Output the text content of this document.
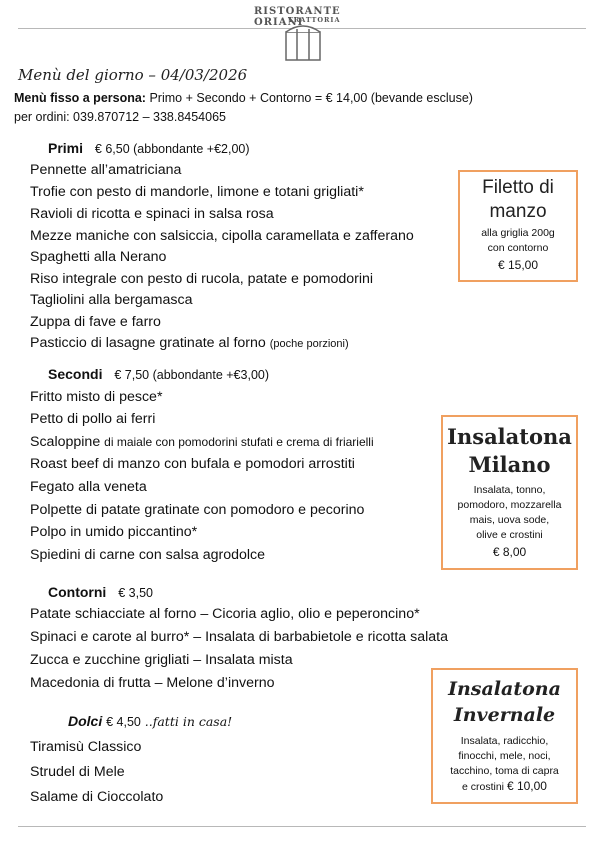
RISTORANTE ORIANI
TRATTORIA
Menù del giorno – 04/03/2026
Menù fisso a persona: Primo + Secondo + Contorno = € 14,00 (bevande escluse)
per ordini: 039.870712 – 338.8454065
Primi € 6,50 (abbondante +€2,00)
Pennette all’amatriciana
Trofie con pesto di mandorle, limone e totani grigliati*
Ravioli di ricotta e spinaci in salsa rosa
Mezze maniche con salsiccia, cipolla caramellata e zafferano
Spaghetti alla Nerano
Riso integrale con pesto di rucola, patate e pomodorini
Tagliolini alla bergamasca
Zuppa di fave e farro
Pasticcio di lasagne gratinate al forno (poche porzioni)
Secondi € 7,50 (abbondante +€3,00)
Fritto misto di pesce*
Petto di pollo ai ferri
Scaloppine di maiale con pomodorini stufati e crema di friarielli
Roast beef di manzo con bufala e pomodori arrostiti
Fegato alla veneta
Polpette di patate gratinate con pomodoro e pecorino
Polpo in umido piccantino*
Spiedini di carne con salsa agrodolce
Contorni € 3,50
Patate schiacciate al forno – Cicoria aglio, olio e peperoncino*
Spinaci e carote al burro* – Insalata di barbabietole e ricotta salata
Zucca e zucchine grigliati – Insalata mista
Macedonia di frutta – Melone d’inverno
Dolci € 4,50 ..fatti in casa!
Tiramisù Classico
Strudel di Mele
Salame di Cioccolato
Filetto di
manzo
alla griglia 200g
con contorno
€ 15,00
Insalatona
Milano
Insalata, tonno,
pomodoro, mozzarella
mais, uova sode,
olive e crostini
€ 8,00
Insalatona
Invernale
Insalata, radicchio,
finocchi, mele, noci,
tacchino, toma di capra
e crostini € 10,00
